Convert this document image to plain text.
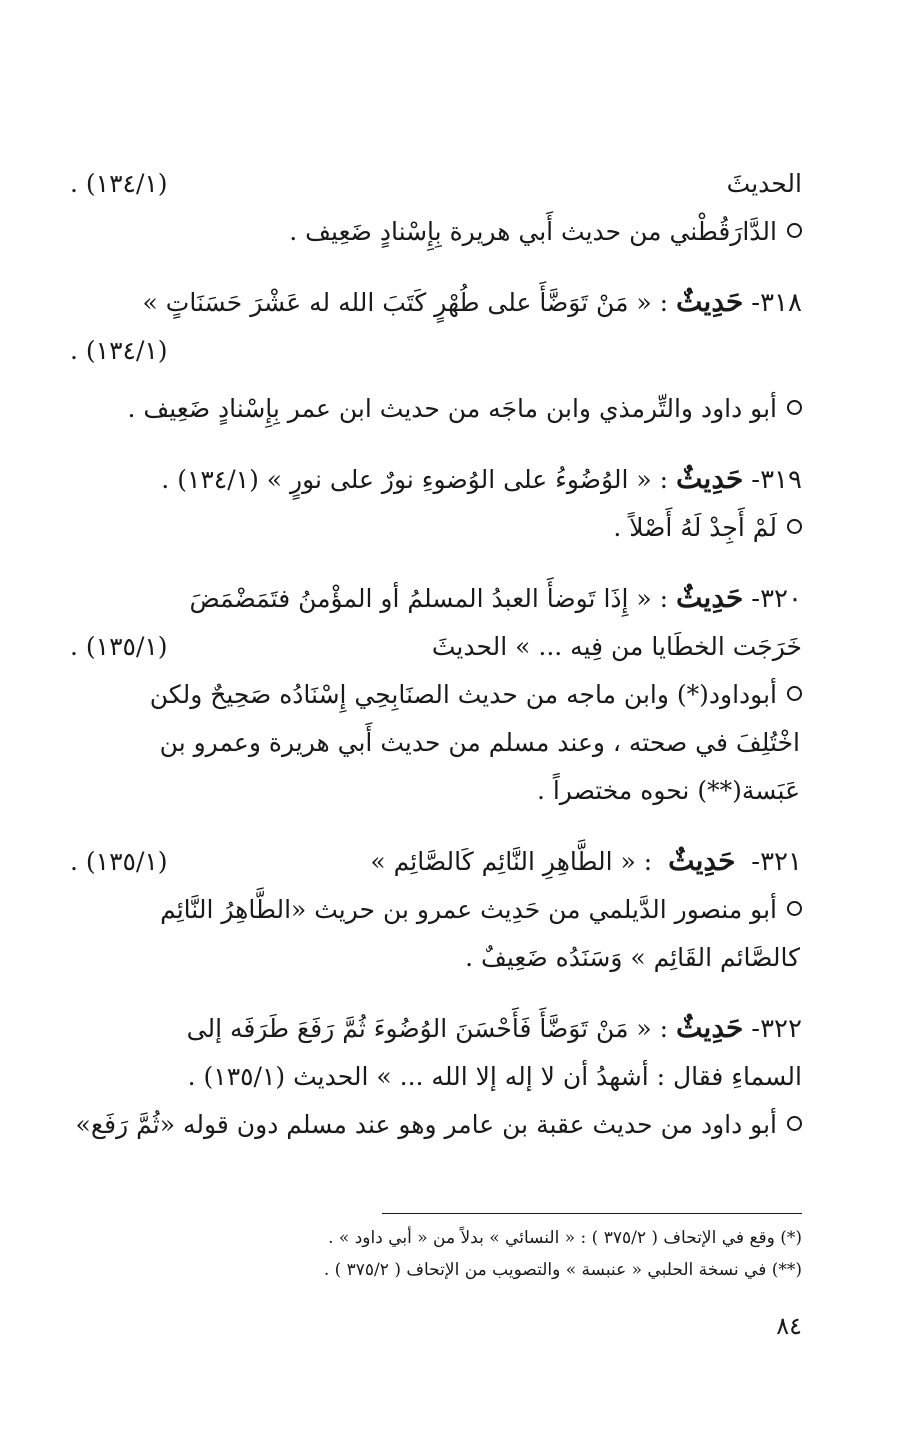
الحديثَ
(١٣٤/١) .
الدَّارَقُطْني من حديث أَبي هريرة بِإِسْنادٍ ضَعِيف .
٣١٨-

حَدِيثٌ

: « مَنْ تَوَضَّأَ على طُهْرٍ كَتَبَ الله له عَشْرَ حَسَنَاتٍ »
(١٣٤/١) .
أبو داود والتِّرمذي وابن ماجَه من حديث ابن عمر بِإِسْنادٍ ضَعِيف .
٣١٩-

حَدِيثٌ

: « الوُضُوءُ على الوُضوءِ نورٌ على نورٍ » (١٣٤/١) .
لَمْ أَجِدْ لَهُ أَصْلاً .
٣٢٠-

حَدِيثٌ

: « إِذَا تَوضأَ العبدُ المسلمُ أو المؤْمنُ فتَمَضْمَضَ
خَرَجَت الخطَايا من فِيه ... » الحديثَ
(١٣٥/١) .
أبوداود(*) وابن ماجه من حديث الصنَابِحِي إِسْنَادُه صَحِيحٌ ولكن
اخْتُلِفَ في صحته ، وعند مسلم من حديث أَبي هريرة وعمرو بن
عَبَسة(**) نحوه مختصراً .
٣٢١-  حَدِيثٌ  : « الطَّاهِرِ النَّائِم كَالصَّائِم »
(١٣٥/١) .
أبو منصور الدَّيلمي من حَدِيث عمرو بن حريث «الطَّاهِرُ النَّائِم
كالصَّائم القَائِم » وَسَنَدُه ضَعِيفٌ .
٣٢٢-

حَدِيثٌ

: « مَنْ تَوَضَّأَ فَأَحْسَنَ الوُضُوءَ ثُمَّ رَفَعَ طَرَفَه إلى
السماءِ فقال : أشهدُ أن لا إله إلا الله ... » الحديث (١٣٥/١) .
أبو داود من حديث عقبة بن عامر وهو عند مسلم دون قوله «ثُمَّ رَفَع»
(*) وقع في الإتحاف ( ٣٧٥/٢ ) : « النسائي » بدلاً من « أبي داود » .
(**) في نسخة الحلبي « عنبسة » والتصويب من الإتحاف ( ٣٧٥/٢ ) .
٨٤
